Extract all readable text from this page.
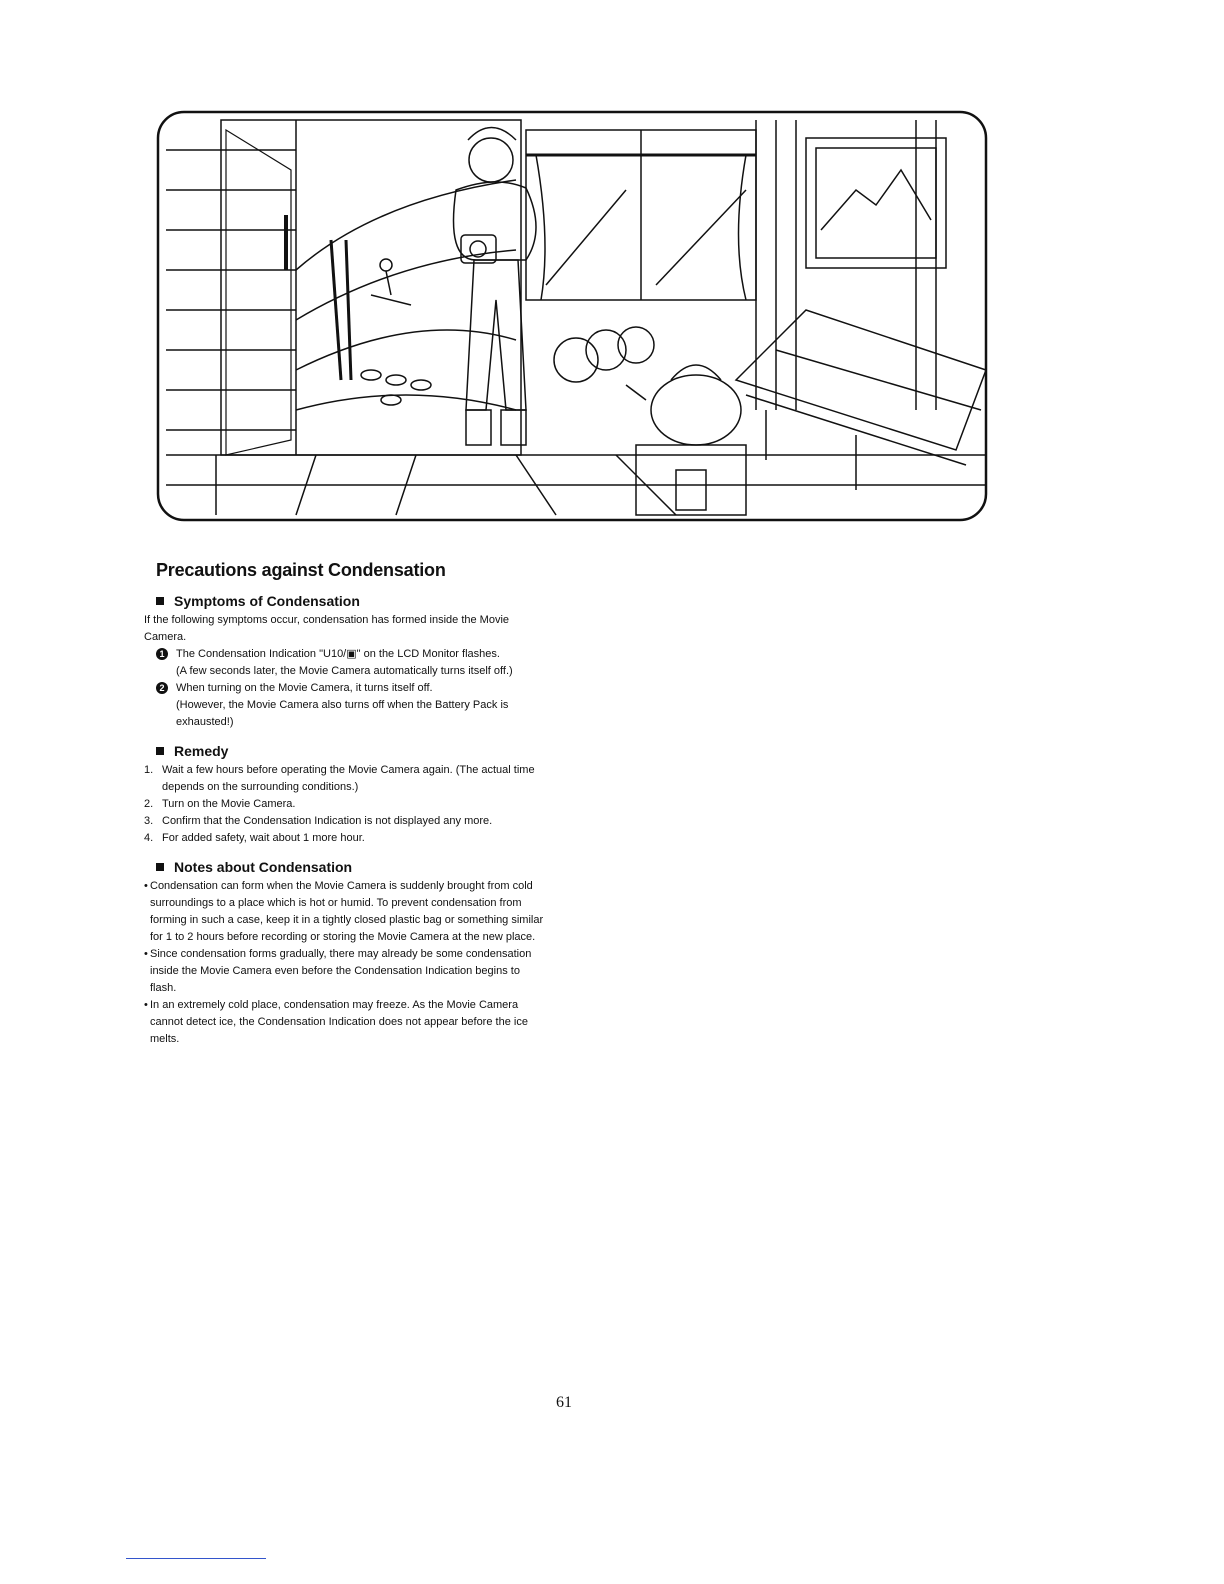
Precautions against Condensation
Symptoms of Condensation

If the following symptoms occur, condensation has formed inside the Movie Camera.

1	The Condensation Indication "U10/▣" on the LCD Monitor flashes.
(A few seconds later, the Movie Camera automatically turns itself off.)
2	When turning on the Movie Camera, it turns itself off.
(However, the Movie Camera also turns off when the Battery Pack is exhausted!)
Remedy
1. Wait a few hours before operating the Movie Camera again. (The actual time depends on the surrounding conditions.)
2. Turn on the Movie Camera.
3. Confirm that the Condensation Indication is not displayed any more.
4. For added safety, wait about 1 more hour.
Notes about Condensation
• Condensation can form when the Movie Camera is suddenly brought from cold surroundings to a place which is hot or humid. To prevent condensation from forming in such a case, keep it in a tightly closed plastic bag or something similar for 1 to 2 hours before recording or storing the Movie Camera at the new place.
• Since condensation forms gradually, there may already be some condensation inside the Movie Camera even before the Condensation Indication begins to flash.
• In an extremely cold place, condensation may freeze. As the Movie Camera cannot detect ice, the Condensation Indication does not appear before the ice melts.
61
